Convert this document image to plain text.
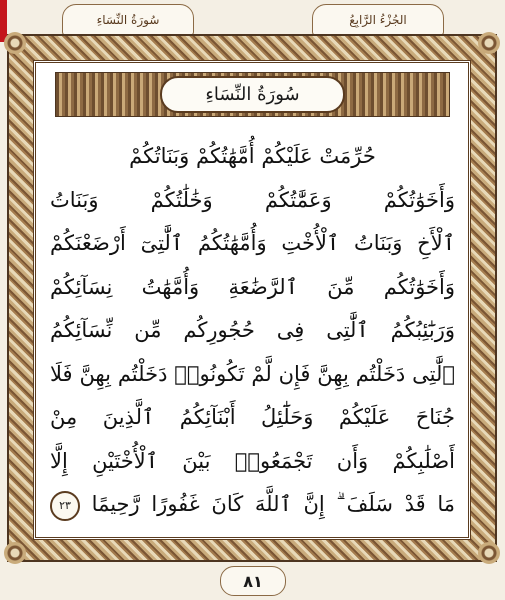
سُورَةُ النِّسَاءِ	الجُزْءُ الرَّابِعُ
سُورَةُ النِّسَاءِ
حُرِّمَتْ عَلَيْكُمْ أُمَّهَٰتُكُمْ وَبَنَاتُكُمْ
وَأَخَوَٰتُكُمْ وَعَمَّٰتُكُمْ وَخَٰلَٰتُكُمْ وَبَنَاتُ
ٱلْأَخِ وَبَنَاتُ ٱلْأُخْتِ وَأُمَّهَٰتُكُمُ ٱلَّٰتِىٓ أَرْضَعْنَكُمْ
وَأَخَوَٰتُكُم مِّنَ ٱلرَّضَٰعَةِ وَأُمَّهَٰتُ نِسَآئِكُمْ
وَرَبَٰٓئِبُكُمُ ٱلَّٰتِى فِى حُجُورِكُم مِّن نِّسَآئِكُمُ
ٱلَّٰتِى دَخَلْتُم بِهِنَّ فَإِن لَّمْ تَكُونُوا۟ دَخَلْتُم بِهِنَّ فَلَا
جُنَاحَ عَلَيْكُمْ وَحَلَٰٓئِلُ أَبْنَآئِكُمُ ٱلَّذِينَ مِنْ
أَصْلَٰبِكُمْ وَأَن تَجْمَعُوا۟ بَيْنَ ٱلْأُخْتَيْنِ إِلَّا
مَا قَدْ سَلَفَ ۗ إِنَّ ٱللَّهَ كَانَ غَفُورًا رَّحِيمًا ٢٣
٨١
